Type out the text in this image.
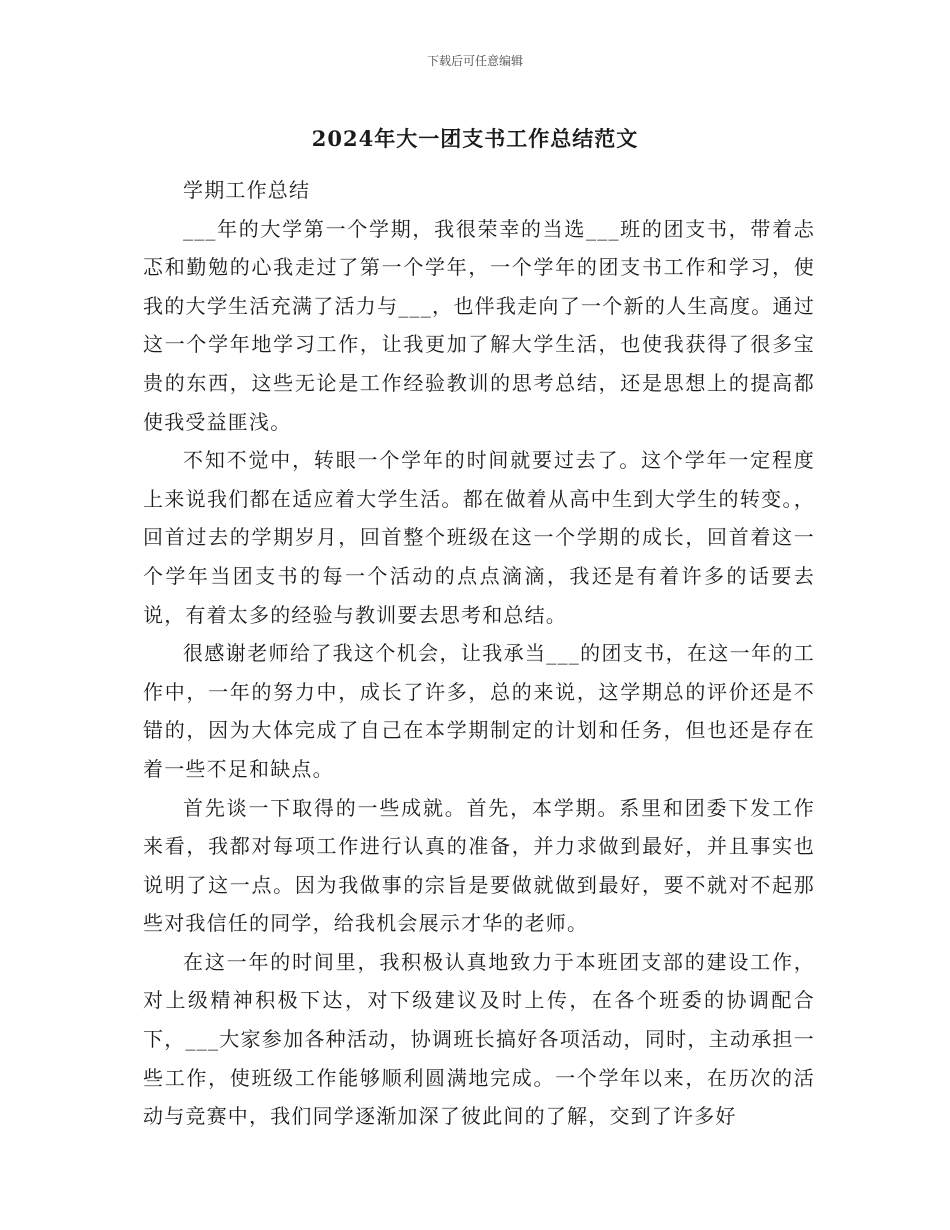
下载后可任意编辑
2024年大一团支书工作总结范文

学期工作总结

___年的大学第一个学期，我很荣幸的当选___班的团支书，带着忐忑和勤勉的心我走过了第一个学年，一个学年的团支书工作和学习，使我的大学生活充满了活力与___，也伴我走向了一个新的人生高度。通过这一个学年地学习工作，让我更加了解大学生活，也使我获得了很多宝贵的东西，这些无论是工作经验教训的思考总结，还是思想上的提高都使我受益匪浅。

不知不觉中，转眼一个学年的时间就要过去了。这个学年一定程度上来说我们都在适应着大学生活。都在做着从高中生到大学生的转变。，回首过去的学期岁月，回首整个班级在这一个学期的成长，回首着这一个学年当团支书的每一个活动的点点滴滴，我还是有着许多的话要去说，有着太多的经验与教训要去思考和总结。

很感谢老师给了我这个机会，让我承当___的团支书，在这一年的工作中，一年的努力中，成长了许多，总的来说，这学期总的评价还是不错的，因为大体完成了自己在本学期制定的计划和任务，但也还是存在着一些不足和缺点。

首先谈一下取得的一些成就。首先，本学期。系里和团委下发工作来看，我都对每项工作进行认真的准备，并力求做到最好，并且事实也说明了这一点。因为我做事的宗旨是要做就做到最好，要不就对不起那些对我信任的同学，给我机会展示才华的老师。

在这一年的时间里，我积极认真地致力于本班团支部的建设工作，对上级精神积极下达，对下级建议及时上传，在各个班委的协调配合下，___大家参加各种活动，协调班长搞好各项活动，同时，主动承担一些工作，使班级工作能够顺利圆满地完成。一个学年以来，在历次的活动与竞赛中，我们同学逐渐加深了彼此间的了解，交到了许多好
